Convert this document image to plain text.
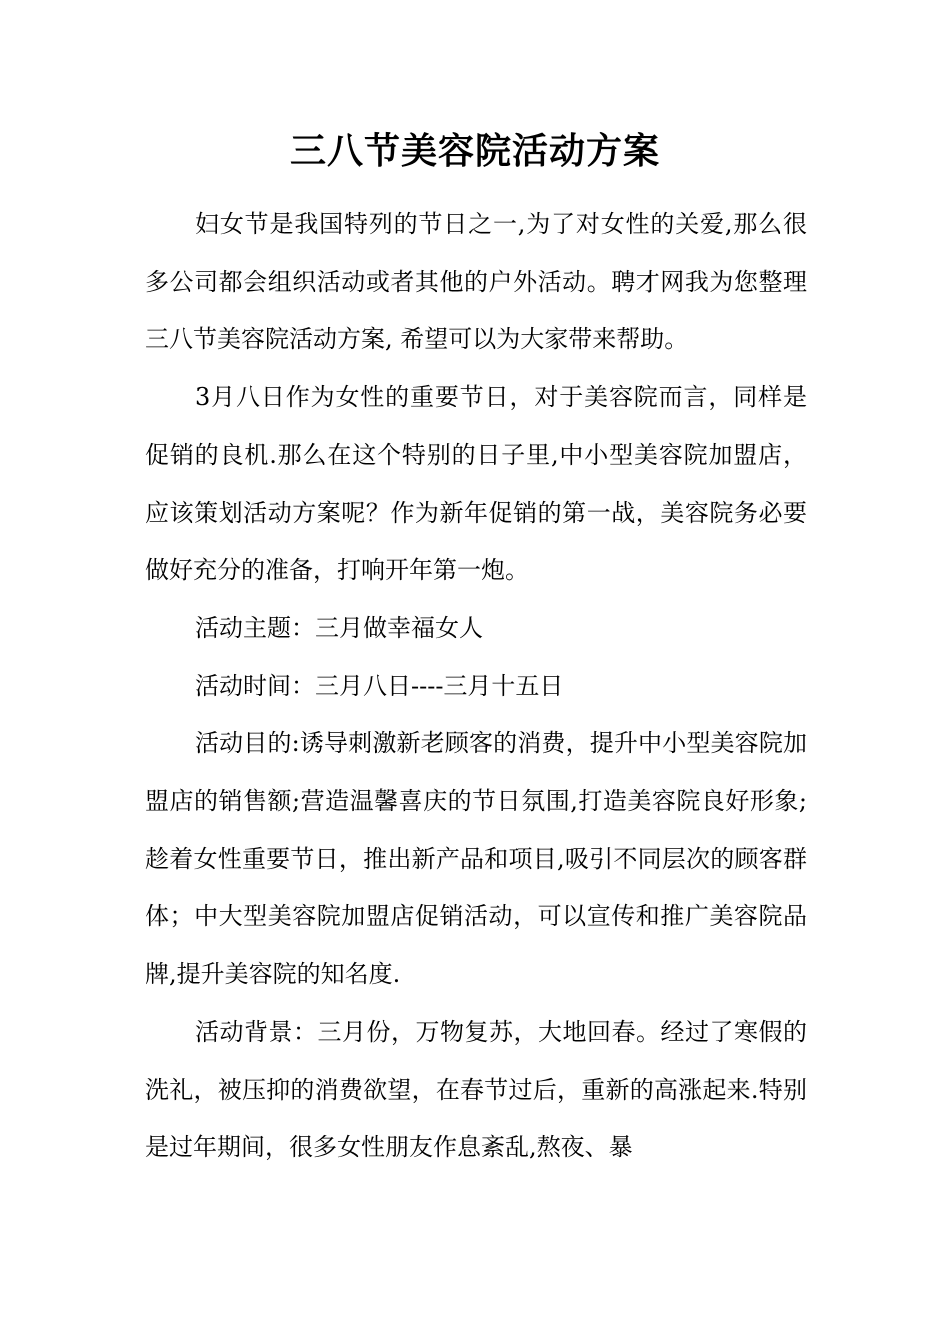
三八节美容院活动方案

妇女节是我国特列的节日之一,为了对女性的关爱,那么很多公司都会组织活动或者其他的户外活动。聘才网我为您整理三八节美容院活动方案, 希望可以为大家带来帮助。

3月八日作为女性的重要节日，对于美容院而言，同样是促销的良机.那么在这个特别的日子里,中小型美容院加盟店，应该策划活动方案呢？作为新年促销的第一战，美容院务必要做好充分的准备，打响开年第一炮。

活动主题：三月做幸福女人

活动时间：三月八日----三月十五日

活动目的:诱导刺激新老顾客的消费，提升中小型美容院加盟店的销售额;营造温馨喜庆的节日氛围,打造美容院良好形象;趁着女性重要节日，推出新产品和项目,吸引不同层次的顾客群体；中大型美容院加盟店促销活动，可以宣传和推广美容院品牌,提升美容院的知名度.

活动背景：三月份，万物复苏，大地回春。经过了寒假的洗礼，被压抑的消费欲望，在春节过后，重新的高涨起来.特别是过年期间，很多女性朋友作息紊乱,熬夜、暴
